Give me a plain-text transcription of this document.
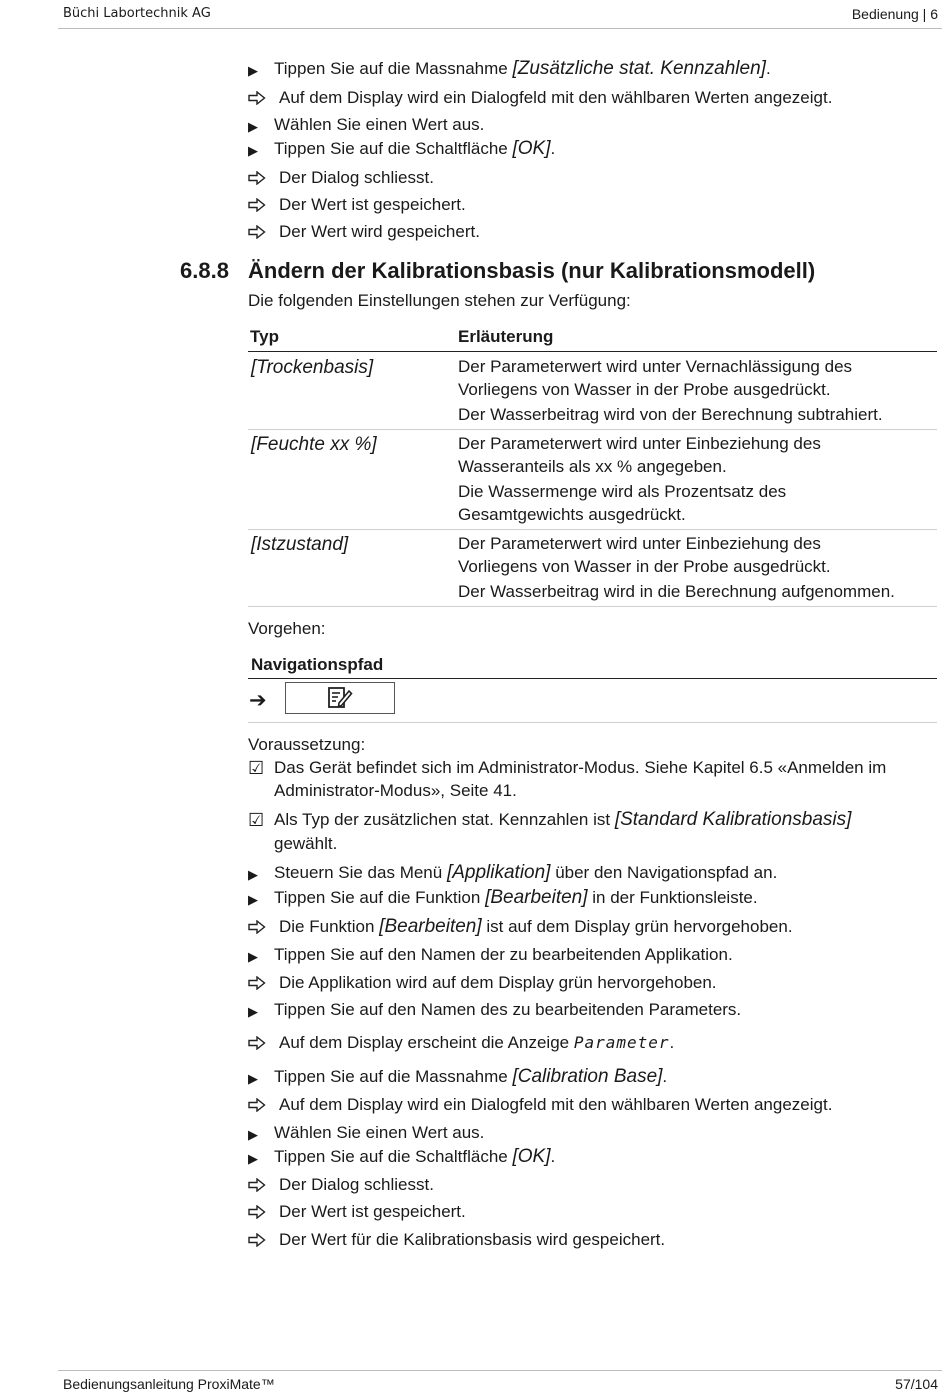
Büchi Labortechnik AG	Bedienung | 6
▶ Tippen Sie auf die Massnahme [Zusätzliche stat. Kennzahlen].
Auf dem Display wird ein Dialogfeld mit den wählbaren Werten angezeigt.
▶ Wählen Sie einen Wert aus.
▶ Tippen Sie auf die Schaltfläche [OK].
Der Dialog schliesst.
Der Wert ist gespeichert.
Der Wert wird gespeichert.
6.8.8 Ändern der Kalibrationsbasis (nur Kalibrationsmodell)
Die folgenden Einstellungen stehen zur Verfügung:
Typ	Erläuterung
[Trockenbasis]	Der Parameterwert wird unter Vernachlässigung des
Vorliegens von Wasser in der Probe ausgedrückt.
Der Wasserbeitrag wird von der Berechnung subtrahiert.
[Feuchte xx %]	Der Parameterwert wird unter Einbeziehung des
Wasseranteils als xx % angegeben.
Die Wassermenge wird als Prozentsatz des
Gesamtgewichts ausgedrückt.
[Istzustand]	Der Parameterwert wird unter Einbeziehung des
Vorliegens von Wasser in der Probe ausgedrückt.
Der Wasserbeitrag wird in die Berechnung aufgenommen.
Vorgehen:
Navigationspfad
➔
Voraussetzung:
☑ Das Gerät befindet sich im Administrator-Modus. Siehe Kapitel 6.5 «Anmelden im
Administrator-Modus», Seite 41.
☑ Als Typ der zusätzlichen stat. Kennzahlen ist [Standard Kalibrationsbasis]
gewählt.
▶ Steuern Sie das Menü [Applikation] über den Navigationspfad an.
▶ Tippen Sie auf die Funktion [Bearbeiten] in der Funktionsleiste.
Die Funktion [Bearbeiten] ist auf dem Display grün hervorgehoben.
▶ Tippen Sie auf den Namen der zu bearbeitenden Applikation.
Die Applikation wird auf dem Display grün hervorgehoben.
▶ Tippen Sie auf den Namen des zu bearbeitenden Parameters.
Auf dem Display erscheint die Anzeige Parameter.
▶ Tippen Sie auf die Massnahme [Calibration Base].
Auf dem Display wird ein Dialogfeld mit den wählbaren Werten angezeigt.
▶ Wählen Sie einen Wert aus.
▶ Tippen Sie auf die Schaltfläche [OK].
Der Dialog schliesst.
Der Wert ist gespeichert.
Der Wert für die Kalibrationsbasis wird gespeichert.
Bedienungsanleitung ProxiMate™	57/104
